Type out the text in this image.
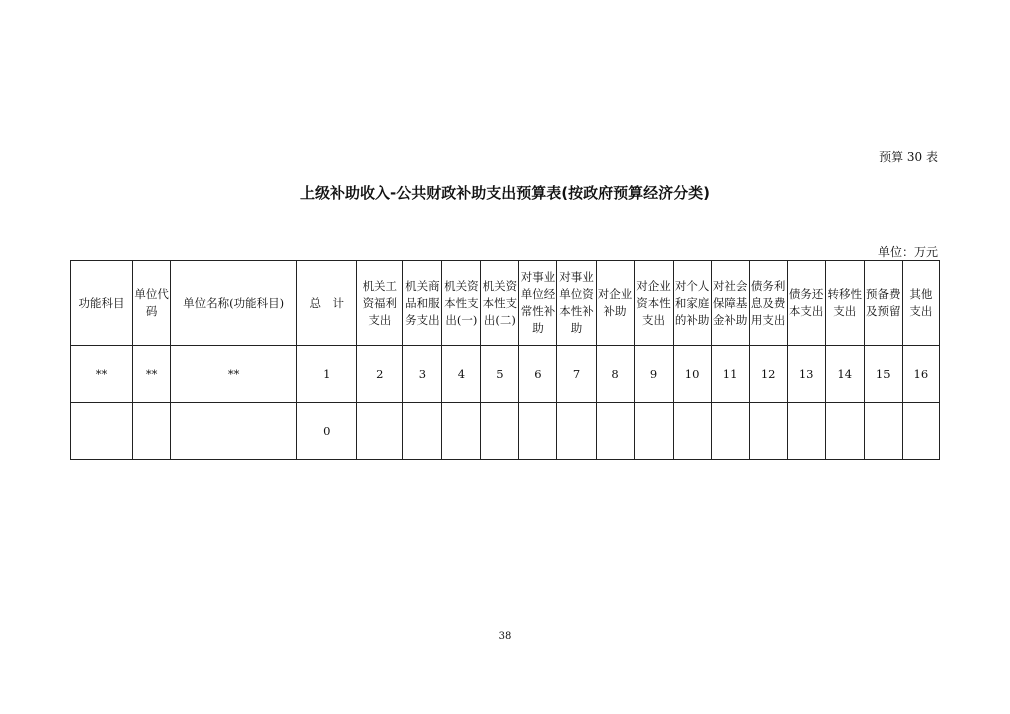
预算 30 表
上级补助收入-公共财政补助支出预算表(按政府预算经济分类)
单位：万元
功能科目	单位代码	单位名称(功能科目)	总　计	机关工资福利支出	机关商品和服务支出	机关资本性支出(一)	机关资本性支出(二)	对事业单位经常性补助	对事业单位资本性补助	对企业补助	对企业资本性支出	对个人和家庭的补助	对社会保障基金补助	债务利息及费用支出	债务还本支出	转移性支出	预备费及预留	其他支出
**	**	**	1	2	3	4	5	6	7	8	9	10	11	12	13	14	15	16
			0															
38
